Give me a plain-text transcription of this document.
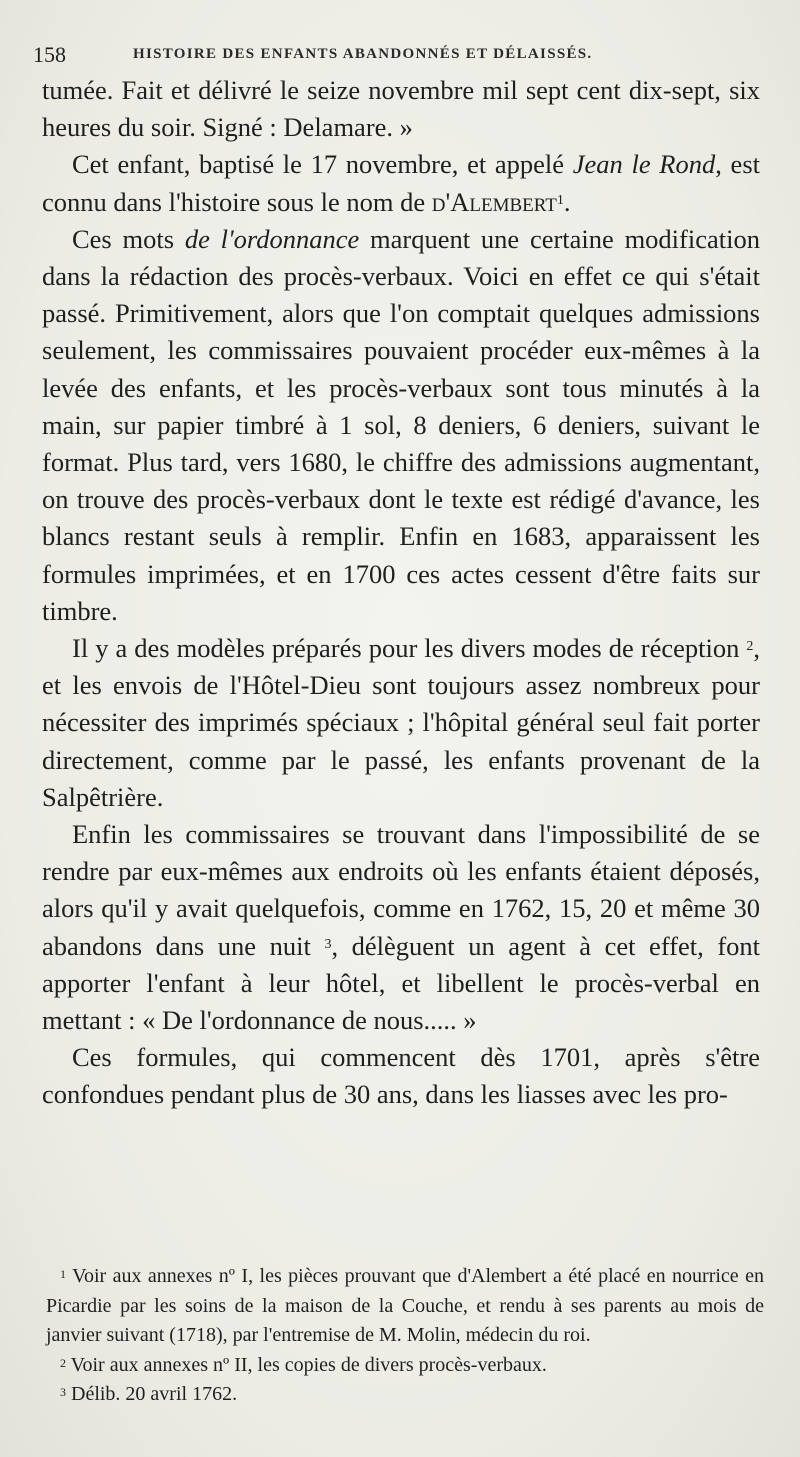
158	HISTOIRE DES ENFANTS ABANDONNÉS ET DÉLAISSÉS.

tumée. Fait et délivré le seize novembre mil sept cent dix-sept, six heures du soir. Signé : Delamare. »

Cet enfant, baptisé le 17 novembre, et appelé Jean le Rond, est connu dans l'histoire sous le nom de d'Alembert$^1$.

Ces mots de l'ordonnance marquent une certaine modification dans la rédaction des procès-verbaux. Voici en effet ce qui s'était passé. Primitivement, alors que l'on comptait quelques admissions seulement, les commissaires pouvaient procéder eux-mêmes à la levée des enfants, et les procès-verbaux sont tous minutés à la main, sur papier timbré à 1 sol, 8 deniers, 6 deniers, suivant le format. Plus tard, vers 1680, le chiffre des admissions augmentant, on trouve des procès-verbaux dont le texte est rédigé d'avance, les blancs restant seuls à remplir. Enfin en 1683, apparaissent les formules imprimées, et en 1700 ces actes cessent d'être faits sur timbre.

Il y a des modèles préparés pour les divers modes de réception $^2$, et les envois de l'Hôtel-Dieu sont toujours assez nombreux pour nécessiter des imprimés spéciaux ; l'hôpital général seul fait porter directement, comme par le passé, les enfants provenant de la Salpêtrière.

Enfin les commissaires se trouvant dans l'impossibilité de se rendre par eux-mêmes aux endroits où les enfants étaient déposés, alors qu'il y avait quelquefois, comme en 1762, 15, 20 et même 30 abandons dans une nuit $^3$, délèguent un agent à cet effet, font apporter l'enfant à leur hôtel, et libellent le procès-verbal en mettant : « De l'ordonnance de nous..... »

Ces formules, qui commencent dès 1701, après s'être confondues pendant plus de 30 ans, dans les liasses avec les pro-

$^1$ Voir aux annexes nº I, les pièces prouvant que d'Alembert a été placé en nourrice en Picardie par les soins de la maison de la Couche, et rendu à ses parents au mois de janvier suivant (1718), par l'entremise de M. Molin, médecin du roi.

$^2$ Voir aux annexes nº II, les copies de divers procès-verbaux.

$^3$ Délib. 20 avril 1762.
